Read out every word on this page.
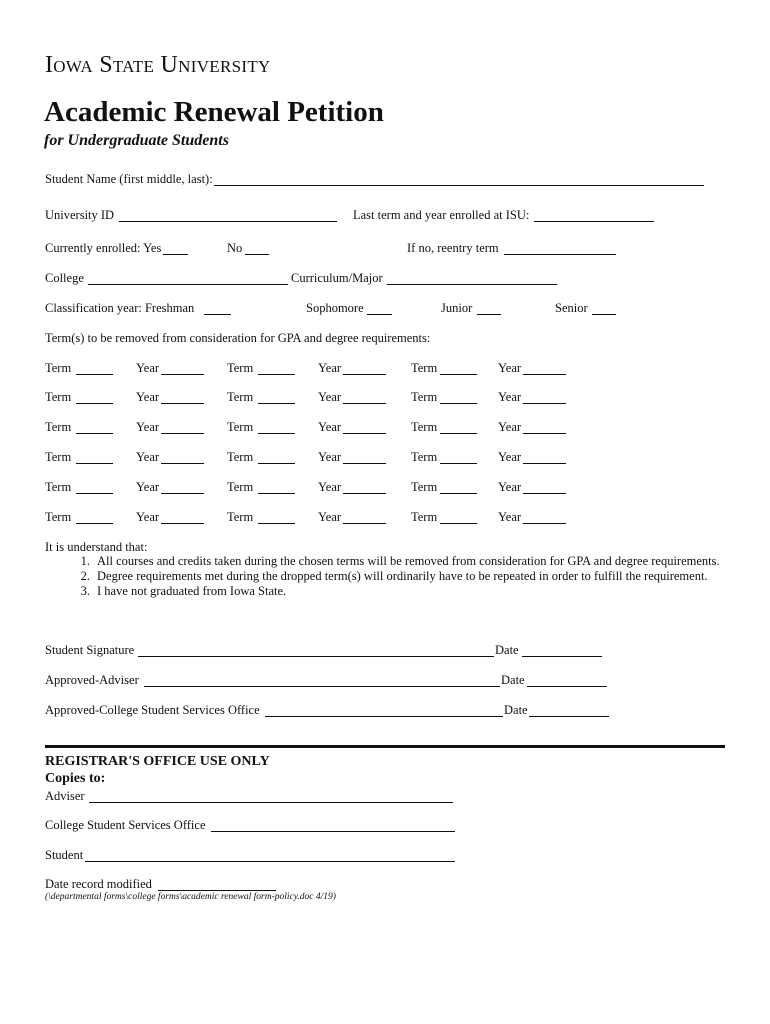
Iowa State University
Academic Renewal Petition
for Undergraduate Students
Student Name (first middle, last):
University ID	Last term and year enrolled at ISU:
Currently enrolled: Yes	No	If no, reentry term
College	Curriculum/Major
Classification year: Freshman	Sophomore	Junior	Senior
Term(s) to be removed from consideration for GPA and degree requirements:
Term	Year	Term	Year	Term	Year
Term	Year	Term	Year	Term	Year
Term	Year	Term	Year	Term	Year
Term	Year	Term	Year	Term	Year
Term	Year	Term	Year	Term	Year
Term	Year	Term	Year	Term	Year
It is understand that:
1. All courses and credits taken during the chosen terms will be removed from consideration for GPA and degree requirements.
2. Degree requirements met during the dropped term(s) will ordinarily have to be repeated in order to fulfill the requirement.
3. I have not graduated from Iowa State.
Student Signature	Date
Approved-Adviser	Date
Approved-College Student Services Office	Date
REGISTRAR'S OFFICE USE ONLY
Copies to:
Adviser
College Student Services Office
Student
Date record modified
(\departmental forms\college forms\academic renewal form-policy.doc 4/19)
